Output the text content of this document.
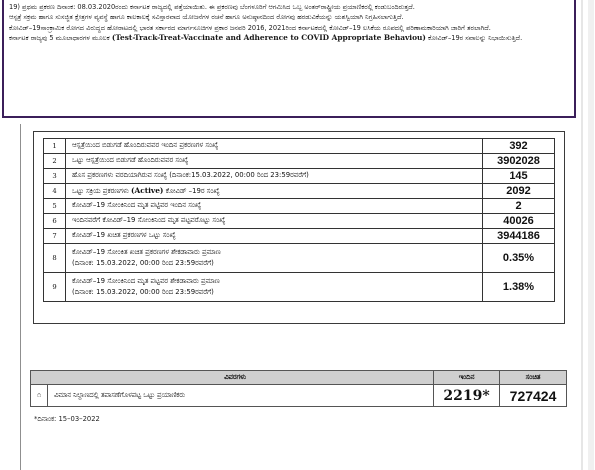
19) ಪ್ರಥಮ ಪ್ರಕರಣ ದಿನಾಂಕ: 08.03.2020ರಂದು ಕರ್ನಾಟಕ ರಾಜ್ಯದಲ್ಲಿ ಪತ್ತೆಯಾಯಿತು. ಈ ಪ್ರಕರಣವು ಬೆಂಗಳೂರಿಗೆ ಆಗಮಿಸಿದ ಒಬ್ಬ ಅಂತರ್‌ರಾಷ್ಟ್ರೀಯ ಪ್ರಯಾಣಿಕರಲ್ಲಿ ಕಂಡುಬಂದಿರುತ್ತದೆ.

ಆಸ್ಪತ್ರೆ ಸಕ್ರಮ ಹಾಗೂ ಸುಸಜ್ಜಿತ ಕ್ಷೇತ್ರಗಳ ವ್ಯವಸ್ಥೆ ಹಾಗೂ ಕಾಲಕಾಲಕ್ಕೆ ಸವಿಸ್ತಾರವಾದ ಯೋಜನೆಗಳ ರಚನೆ ಹಾಗೂ ಅನುಷ್ಠಾನದಿಂದ ರೋಗವು ಹರಡುವಿಕೆಯನ್ನು ಯಶಸ್ವಿಯಾಗಿ ನಿಗ್ರಹಿಸಲಾಗುತ್ತಿದೆ.

ಕೋವಿಡ್–19ಸಾಂಕ್ರಾಮಿಕ ರೋಗದ ವಿರುದ್ಧದ ಹೋರಾಟದಲ್ಲಿ ಭಾರತ ಸರ್ಕಾರದ ಮಾರ್ಗಸೂಚಿಗಳ ಪ್ರಕಾರ ಜನವರಿ 2016, 2021ರಿಂದ ಕರ್ನಾಟಕದಲ್ಲಿ ಕೋವಿಡ್–19 ಲಸಿಕೆಯ ರೂಪದಲ್ಲಿ ಪರಿಣಾಮಕಾರಿಯಾಗಿ ಜಾರಿಗೆ ತರಲಾಗಿದೆ.

ಕರ್ನಾಟಕ ರಾಜ್ಯವು 5 ಮೂಲಾಧಾರಗಳ ಮೂಲಕ (Test-Track-Treat-Vaccinate and Adherence to COVID Appropriate Behaviou) ಕೋವಿಡ್–19ರ ಸವಾಲನ್ನು ನಿಭಾಯಿಸುತ್ತಿದೆ.

1	ಆಸ್ಪತ್ರೆಯಿಂದ ಬಿಡುಗಡೆ ಹೊಂದಿರುವವರ ಇಂದಿನ ಪ್ರಕರಣಗಳ ಸಂಖ್ಯೆ	392
2	ಒಟ್ಟು ಆಸ್ಪತ್ರೆಯಿಂದ ಬಿಡುಗಡೆ ಹೊಂದಿರುವವರ ಸಂಖ್ಯೆ	3902028
3	ಹೊಸ ಪ್ರಕರಣಗಳು ವರದಿಯಾಗಿರುವ ಸಂಖ್ಯೆ (ದಿನಾಂಕ:15.03.2022, 00:00 ರಿಂದ 23:59ರವರೆಗೆ)	145
4	ಒಟ್ಟು ಸಕ್ರಿಯ ಪ್ರಕರಣಗಳು (Active) ಕೋವಿಡ್ –19ರ ಸಂಖ್ಯೆ	2092
5	ಕೋವಿಡ್–19 ಸೋಂಕಿನಿಂದ ಮೃತ ಪಟ್ಟಿವರ ಇಂದಿನ ಸಂಖ್ಯೆ	2
6	ಇಂದಿನವರೆಗೆ ಕೋವಿಡ್–19 ಸೋಂಕಿನಿಂದ ಮೃತ ಪಟ್ಟವರೊಟ್ಟು ಸಂಖ್ಯೆ	40026
7	ಕೋವಿಡ್–19 ಖಚಿತ ಪ್ರಕರಣಗಳ ಒಟ್ಟು ಸಂಖ್ಯೆ	3944186
8	ಕೋವಿಡ್–19 ಸೋಂಕಿತ ಖಚಿತ ಪ್ರಕರಣಗಳ ಶೇಕಡಾವಾರು ಪ್ರಮಾಣ
(ದಿನಾಂಕ: 15.03.2022, 00:00 ರಿಂದ 23:59ರವರೆಗೆ)	0.35%
9	ಕೋವಿಡ್–19 ಸೋಂಕಿನಿಂದ ಮೃತ ಪಟ್ಟವರ ಶೇಕಡಾವಾರು ಪ್ರಮಾಣ
(ದಿನಾಂಕ: 15.03.2022, 00:00 ರಿಂದ 23:59ರವರೆಗೆ)	1.38%
ವಿವರಗಳು		ಇಂದಿನ	ಸಂಚಿತ
೧	ವಿಮಾನ ನಿಲ್ದಾಣದಲ್ಲಿ ತಪಾಸಣೆಗೊಳಪಟ್ಟ ಒಟ್ಟು ಪ್ರಯಾಣಿಕರು	2219*	727424
*ದಿನಾಂಕ: 15–03–2022
